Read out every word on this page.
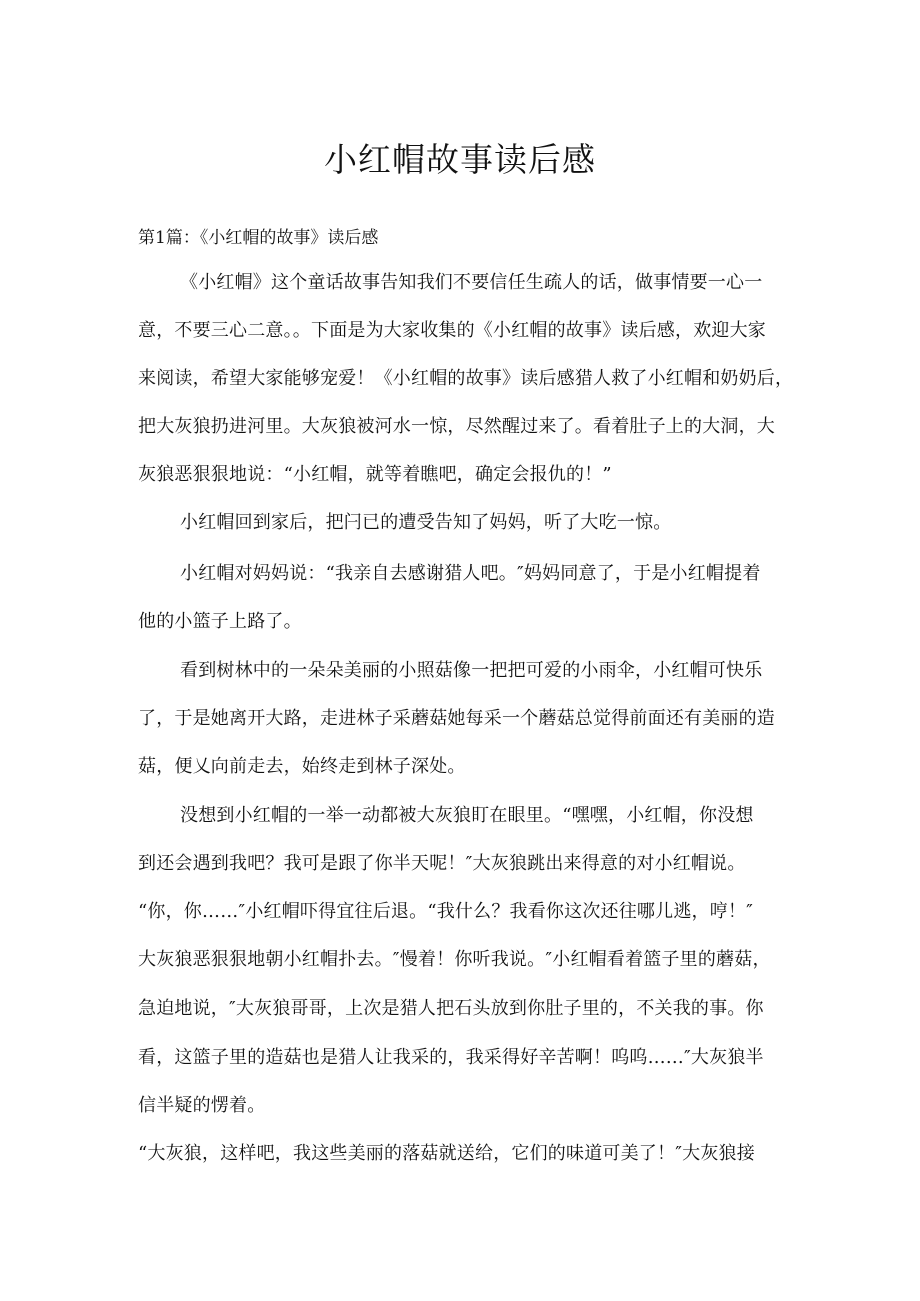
小红帽故事读后感

第1篇：《小红帽的故事》读后感

《小红帽》这个童话故事告知我们不要信任生疏人的话，做事情要一心一

意，不要三心二意。。下面是为大家收集的《小红帽的故事》读后感，欢迎大家

来阅读，希望大家能够宠爱！《小红帽的故事》读后感猎人救了小红帽和奶奶后，

把大灰狼扔进河里。大灰狼被河水一惊，尽然醒过来了。看着肚子上的大洞，大

灰狼恶狠狠地说：“小红帽，就等着瞧吧，确定会报仇的！”

小红帽回到家后，把闩已的遭受告知了妈妈，听了大吃一惊。

小红帽对妈妈说：“我亲自去感谢猎人吧。″妈妈同意了，于是小红帽提着

他的小篮子上路了。

看到树林中的一朵朵美丽的小照菇像一把把可爱的小雨伞，小红帽可快乐

了，于是她离开大路，走进林子采蘑菇她每采一个蘑菇总觉得前面还有美丽的造

菇，便乂向前走去，始终走到林子深处。

没想到小红帽的一举一动都被大灰狼盯在眼里。“嘿嘿，小红帽，你没想

到还会遇到我吧？我可是跟了你半天呢！″大灰狼跳出来得意的对小红帽说。

“你，你……″小红帽吓得宜往后退。“我什么？我看你这次还往哪儿逃，哼！″

大灰狼恶狠狠地朝小红帽扑去。″慢着！你听我说。″小红帽看着篮子里的蘑菇，

急迫地说，″大灰狼哥哥，上次是猎人把石头放到你肚子里的，不关我的事。你

看，这篮子里的造菇也是猎人让我采的，我采得好辛苦啊！呜呜……″大灰狼半

信半疑的愣着。

“大灰狼，这样吧，我这些美丽的落菇就送给，它们的味道可美了！″大灰狼接
